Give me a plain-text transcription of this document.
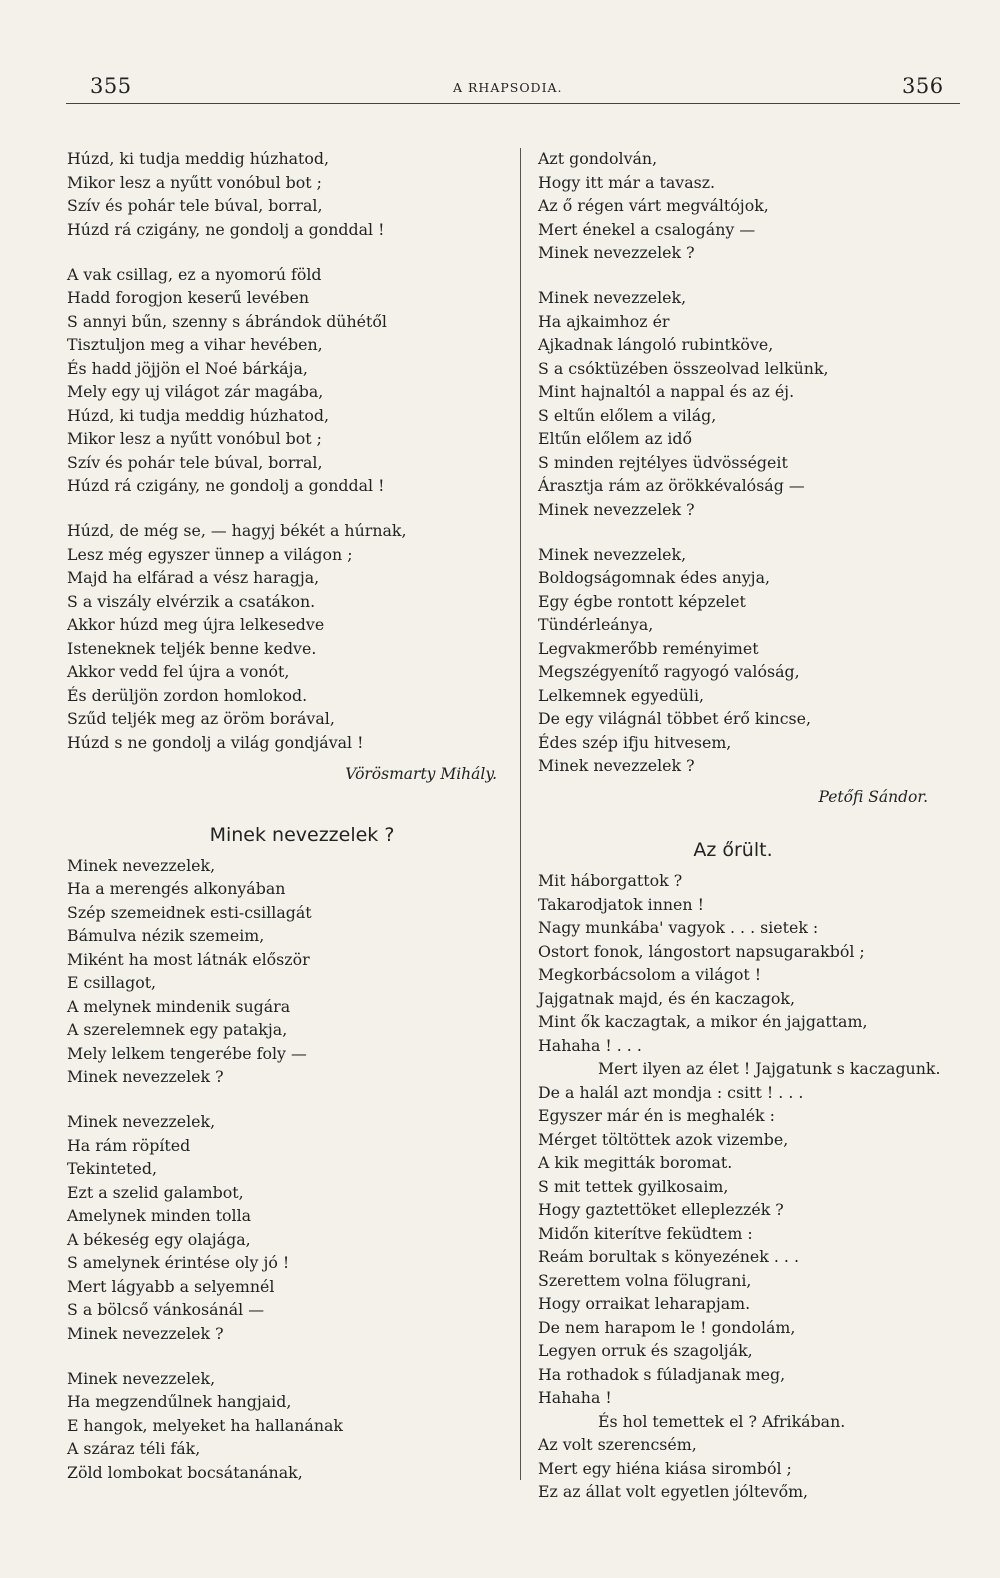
355	A RHAPSODIA.	356
Húzd, ki tudja meddig húzhatod,
Mikor lesz a nyűtt vonóbul bot ;
Szív és pohár tele búval, borral,
Húzd rá czigány, ne gondolj a gonddal !
A vak csillag, ez a nyomorú föld
Hadd forogjon keserű levében
S annyi bűn, szenny s ábrándok dühétől
Tisztuljon meg a vihar hevében,
És hadd jöjjön el Noé bárkája,
Mely egy uj világot zár magába,
Húzd, ki tudja meddig húzhatod,
Mikor lesz a nyűtt vonóbul bot ;
Szív és pohár tele búval, borral,
Húzd rá czigány, ne gondolj a gonddal !
Húzd, de még se, — hagyj békét a húrnak,
Lesz még egyszer ünnep a világon ;
Majd ha elfárad a vész haragja,
S a viszály elvérzik a csatákon.
Akkor húzd meg újra lelkesedve
Isteneknek teljék benne kedve.
Akkor vedd fel újra a vonót,
És derüljön zordon homlokod.
Szűd teljék meg az öröm borával,
Húzd s ne gondolj a világ gondjával !
Vörösmarty Mihály.
Minek nevezzelek ?
Minek nevezzelek,
Ha a merengés alkonyában
Szép szemeidnek esti-csillagát
Bámulva nézik szemeim,
Miként ha most látnák először
E csillagot,
A melynek mindenik sugára
A szerelemnek egy patakja,
Mely lelkem tengerébe foly —
Minek nevezzelek ?
Minek nevezzelek,
Ha rám röpíted
Tekinteted,
Ezt a szelid galambot,
Amelynek minden tolla
A békeség egy olajága,
S amelynek érintése oly jó !
Mert lágyabb a selyemnél
S a bölcső vánkosánál —
Minek nevezzelek ?
Minek nevezzelek,
Ha megzendűlnek hangjaid,
E hangok, melyeket ha hallanának
A száraz téli fák,
Zöld lombokat bocsátanának,
Azt gondolván,
Hogy itt már a tavasz.
Az ő régen várt megváltójok,
Mert énekel a csalogány —
Minek nevezzelek ?
Minek nevezzelek,
Ha ajkaimhoz ér
Ajkadnak lángoló rubintköve,
S a csóktüzében összeolvad lelkünk,
Mint hajnaltól a nappal és az éj.
S eltűn előlem a világ,
Eltűn előlem az idő
S minden rejtélyes üdvösségeit
Árasztja rám az örökkévalóság —
Minek nevezzelek ?
Minek nevezzelek,
Boldogságomnak édes anyja,
Egy égbe rontott képzelet
Tündérleánya,
Legvakmerőbb reményimet
Megszégyenítő ragyogó valóság,
Lelkemnek egyedüli,
De egy világnál többet érő kincse,
Édes szép ifju hitvesem,
Minek nevezzelek ?
Petőfi Sándor.
Az őrült.
Mit háborgattok ?
Takarodjatok innen !
Nagy munkába' vagyok . . . sietek :
Ostort fonok, lángostort napsugarakból ;
Megkorbácsolom a világot !
Jajgatnak majd, és én kaczagok,
Mint ők kaczagtak, a mikor én jajgattam,
Hahaha ! . . .
Mert ilyen az élet ! Jajgatunk s kaczagunk.
De a halál azt mondja : csitt ! . . .
Egyszer már én is meghalék :
Mérget töltöttek azok vizembe,
A kik megitták boromat.
S mit tettek gyilkosaim,
Hogy gaztettöket elleplezzék ?
Midőn kiterítve feküdtem :
Reám borultak s könyezének . . .
Szerettem volna fölugrani,
Hogy orraikat leharapjam.
De nem harapom le ! gondolám,
Legyen orruk és szagolják,
Ha rothadok s fúladjanak meg,
Hahaha !
És hol temettek el ? Afrikában.
Az volt szerencsém,
Mert egy hiéna kiása siromból ;
Ez az állat volt egyetlen jóltevőm,
